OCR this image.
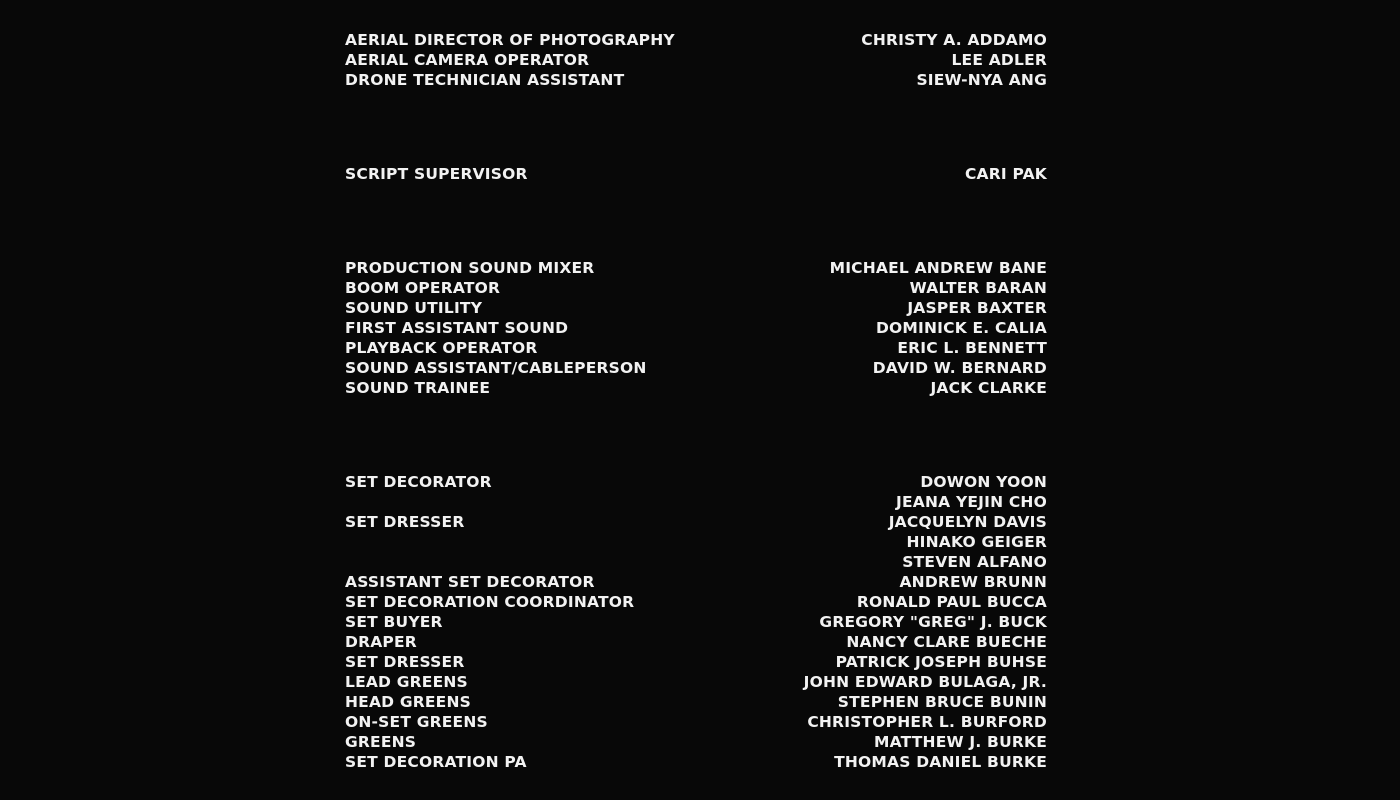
AERIAL DIRECTOR OF PHOTOGRAPHY	CHRISTY A. ADDAMO
AERIAL CAMERA OPERATOR	LEE ADLER
DRONE TECHNICIAN ASSISTANT	SIEW-NYA ANG
SCRIPT SUPERVISOR	CARI PAK
PRODUCTION SOUND MIXER	MICHAEL ANDREW BANE
BOOM OPERATOR	WALTER BARAN
SOUND UTILITY	JASPER BAXTER
FIRST ASSISTANT SOUND	DOMINICK E. CALIA
PLAYBACK OPERATOR	ERIC L. BENNETT
SOUND ASSISTANT/CABLEPERSON	DAVID W. BERNARD
SOUND TRAINEE	JACK CLARKE
SET DECORATOR	DOWON YOON
JEANA YEJIN CHO
SET DRESSER	JACQUELYN DAVIS
HINAKO GEIGER
STEVEN ALFANO
ASSISTANT SET DECORATOR	ANDREW BRUNN
SET DECORATION COORDINATOR	RONALD PAUL BUCCA
SET BUYER	GREGORY "GREG" J. BUCK
DRAPER	NANCY CLARE BUECHE
SET DRESSER	PATRICK JOSEPH BUHSE
LEAD GREENS	JOHN EDWARD BULAGA, JR.
HEAD GREENS	STEPHEN BRUCE BUNIN
ON-SET GREENS	CHRISTOPHER L. BURFORD
GREENS	MATTHEW J. BURKE
SET DECORATION PA	THOMAS DANIEL BURKE
